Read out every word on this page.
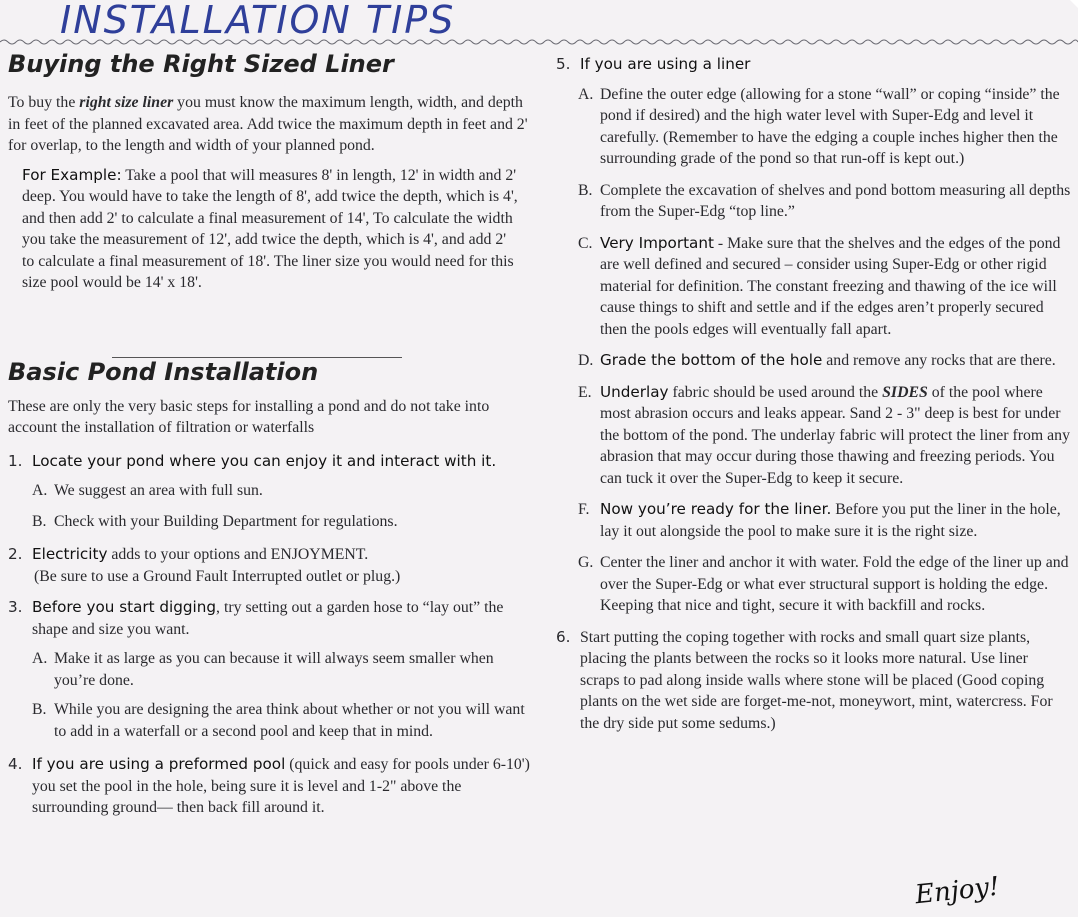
INSTALLATION TIPS
Buying the Right Sized Liner

To buy the right size liner you must know the maximum length, width, and depth in feet of the planned excavated area. Add twice the maximum depth in feet and 2' for overlap, to the length and width of your planned pond.

For Example: Take a pool that will measures 8' in length, 12' in width and 2' deep. You would have to take the length of 8', add twice the depth, which is 4', and then add 2' to calculate a final measurement of 14', To calculate the width you take the measurement of 12', add twice the depth, which is 4', and add 2' to calculate a final measurement of 18'. The liner size you would need for this size pool would be 14' x 18'.

Basic Pond Installation

These are only the very basic steps for installing a pond and do not take into account the installation of filtration or waterfalls

1. Locate your pond where you can enjoy it and interact with it.
A. We suggest an area with full sun.
B. Check with your Building Department for regulations.
2. Electricity adds to your options and ENJOYMENT.
(Be sure to use a Ground Fault Interrupted outlet or plug.)
3. Before you start digging, try setting out a garden hose to “lay out” the shape and size you want.
A. Make it as large as you can because it will always seem smaller when you’re done.
B. While you are designing the area think about whether or not you will want to add in a waterfall or a second pool and keep that in mind.
4. If you are using a preformed pool (quick and easy for pools under 6-10') you set the pool in the hole, being sure it is level and 1-2" above the surrounding ground— then back fill around it.
5. If you are using a liner
A. Define the outer edge (allowing for a stone “wall” or coping “inside” the pond if desired) and the high water level with Super-Edg and level it carefully. (Remember to have the edging a couple inches higher then the surrounding grade of the pond so that run-off is kept out.)
B. Complete the excavation of shelves and pond bottom measuring all depths from the Super-Edg “top line.”
C. Very Important - Make sure that the shelves and the edges of the pond are well defined and secured – consider using Super-Edg or other rigid material for definition. The constant freezing and thawing of the ice will cause things to shift and settle and if the edges aren’t properly secured then the pools edges will eventually fall apart.
D. Grade the bottom of the hole and remove any rocks that are there.
E. Underlay fabric should be used around the SIDES of the pool where most abrasion occurs and leaks appear. Sand 2 - 3" deep is best for under the bottom of the pond. The underlay fabric will protect the liner from any abrasion that may occur during those thawing and freezing periods. You can tuck it over the Super-Edg to keep it secure.
F. Now you’re ready for the liner. Before you put the liner in the hole, lay it out alongside the pool to make sure it is the right size.
G. Center the liner and anchor it with water. Fold the edge of the liner up and over the Super-Edg or what ever structural support is holding the edge. Keeping that nice and tight, secure it with backfill and rocks.
6. Start putting the coping together with rocks and small quart size plants, placing the plants between the rocks so it looks more natural. Use liner scraps to pad along inside walls where stone will be placed (Good coping plants on the wet side are forget-me-not, moneywort, mint, watercress. For the dry side put some sedums.)
Enjoy!
